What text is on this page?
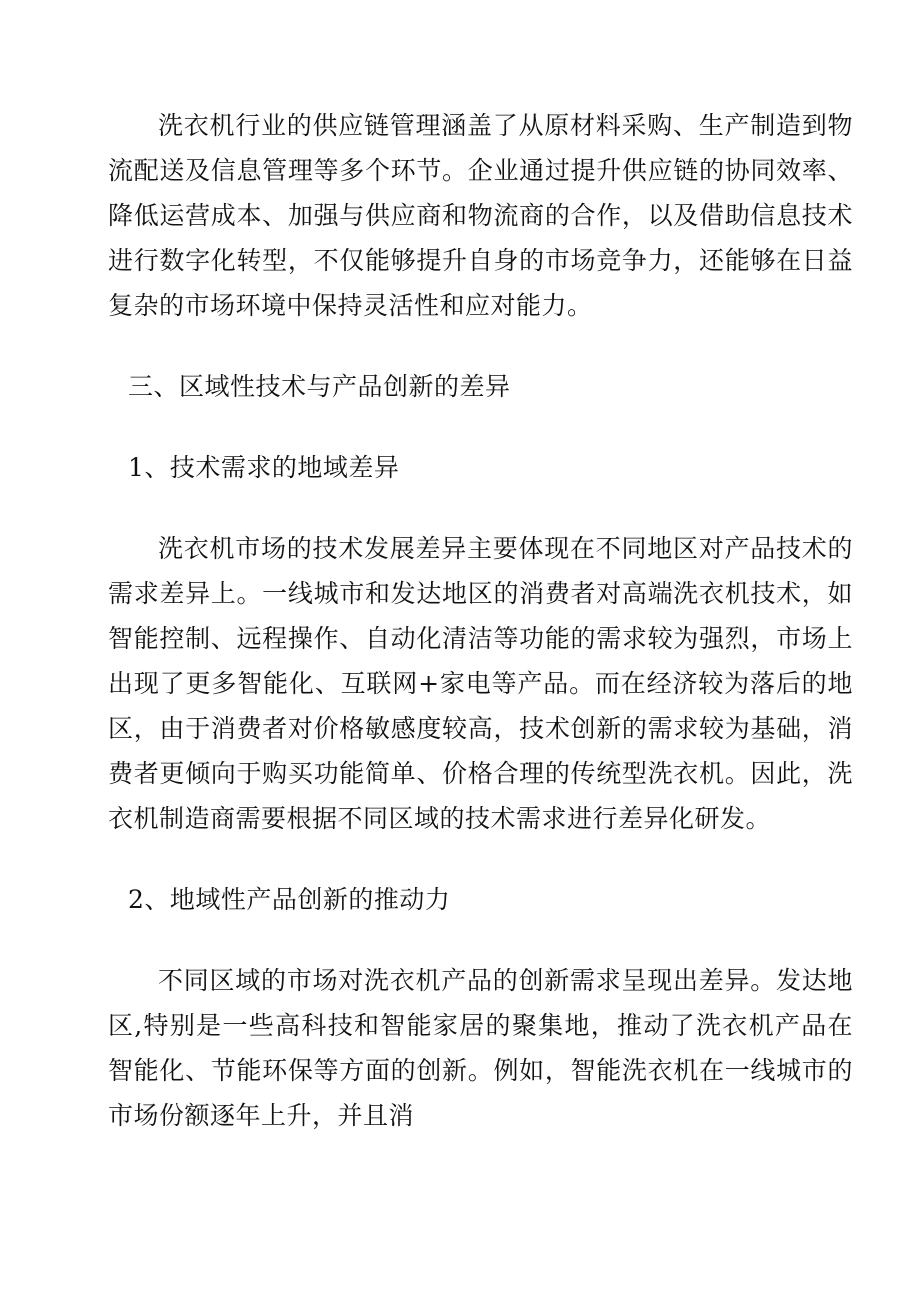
洗衣机行业的供应链管理涵盖了从原材料采购、生产制造到物流配送及信息管理等多个环节。企业通过提升供应链的协同效率、降低运营成本、加强与供应商和物流商的合作，以及借助信息技术进行数字化转型，不仅能够提升自身的市场竞争力，还能够在日益复杂的市场环境中保持灵活性和应对能力。

三、区域性技术与产品创新的差异

1、技术需求的地域差异

洗衣机市场的技术发展差异主要体现在不同地区对产品技术的需求差异上。一线城市和发达地区的消费者对高端洗衣机技术，如智能控制、远程操作、自动化清洁等功能的需求较为强烈，市场上出现了更多智能化、互联网+家电等产品。而在经济较为落后的地区，由于消费者对价格敏感度较高，技术创新的需求较为基础，消费者更倾向于购买功能简单、价格合理的传统型洗衣机。因此，洗衣机制造商需要根据不同区域的技术需求进行差异化研发。

2、地域性产品创新的推动力

不同区域的市场对洗衣机产品的创新需求呈现出差异。发达地区,特别是一些高科技和智能家居的聚集地，推动了洗衣机产品在智能化、节能环保等方面的创新。例如，智能洗衣机在一线城市的市场份额逐年上升，并且消
